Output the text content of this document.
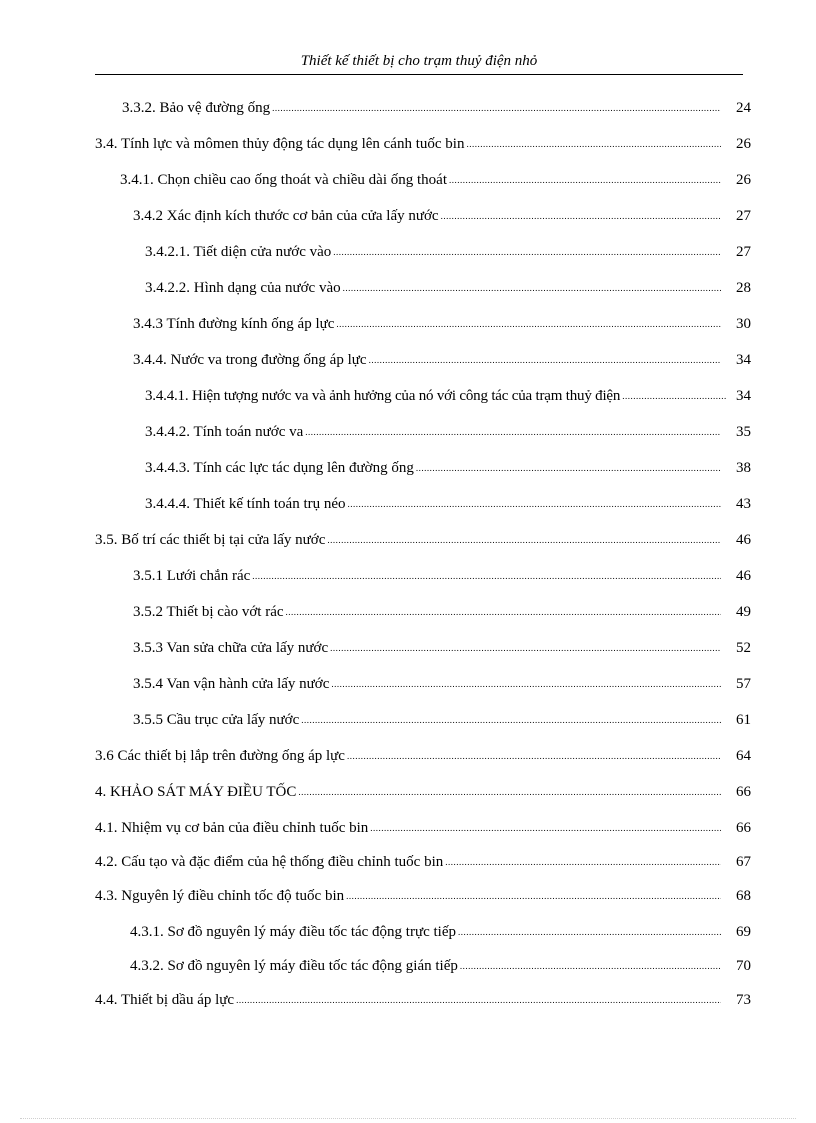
Thiết kế thiết bị cho trạm thuỷ điện nhỏ
3.3.2. Bảo vệ đường ống .....	24
3.4. Tính lực và mômen thủy động tác dụng lên cánh tuốc bin .....	26
3.4.1. Chọn chiều cao ống thoát và chiều dài ống thoát .....	26
3.4.2 Xác định kích thước cơ bản của cửa lấy nước .....	27
3.4.2.1. Tiết diện cửa nước vào .....	27
3.4.2.2. Hình dạng của nước vào .....	28
3.4.3 Tính đường kính ống áp lực .....	30
3.4.4. Nước va trong đường ống áp lực .....	34
3.4.4.1. Hiện tượng nước va và ảnh hưởng của nó với công tác của trạm thuỷ điện .....	34
3.4.4.2. Tính toán nước va .....	35
3.4.4.3. Tính các lực tác dụng lên đường ống .....	38
3.4.4.4. Thiết kế tính toán trụ néo .....	43
3.5. Bố trí các thiết bị tại cửa lấy nước .....	46
3.5.1 Lưới chắn rác .....	46
3.5.2 Thiết bị cào vớt rác .....	49
3.5.3 Van sửa chữa cửa lấy nước .....	52
3.5.4 Van vận hành cửa lấy nước .....	57
3.5.5 Cầu trục cửa lấy nước .....	61
3.6 Các thiết bị lắp trên đường ống áp lực .....	64
4. KHẢO SÁT MÁY ĐIỀU TỐC .....	66
4.1. Nhiệm vụ cơ bản của điều chỉnh tuốc bin .....	66
4.2. Cấu tạo và đặc điểm của hệ thống điều chỉnh tuốc bin .....	67
4.3. Nguyên lý điều chỉnh tốc độ tuốc bin .....	68
4.3.1. Sơ đồ nguyên lý máy điều tốc tác động trực tiếp .....	69
4.3.2. Sơ đồ nguyên lý máy điều tốc tác động gián tiếp .....	70
4.4. Thiết bị dầu áp lực .....	73
